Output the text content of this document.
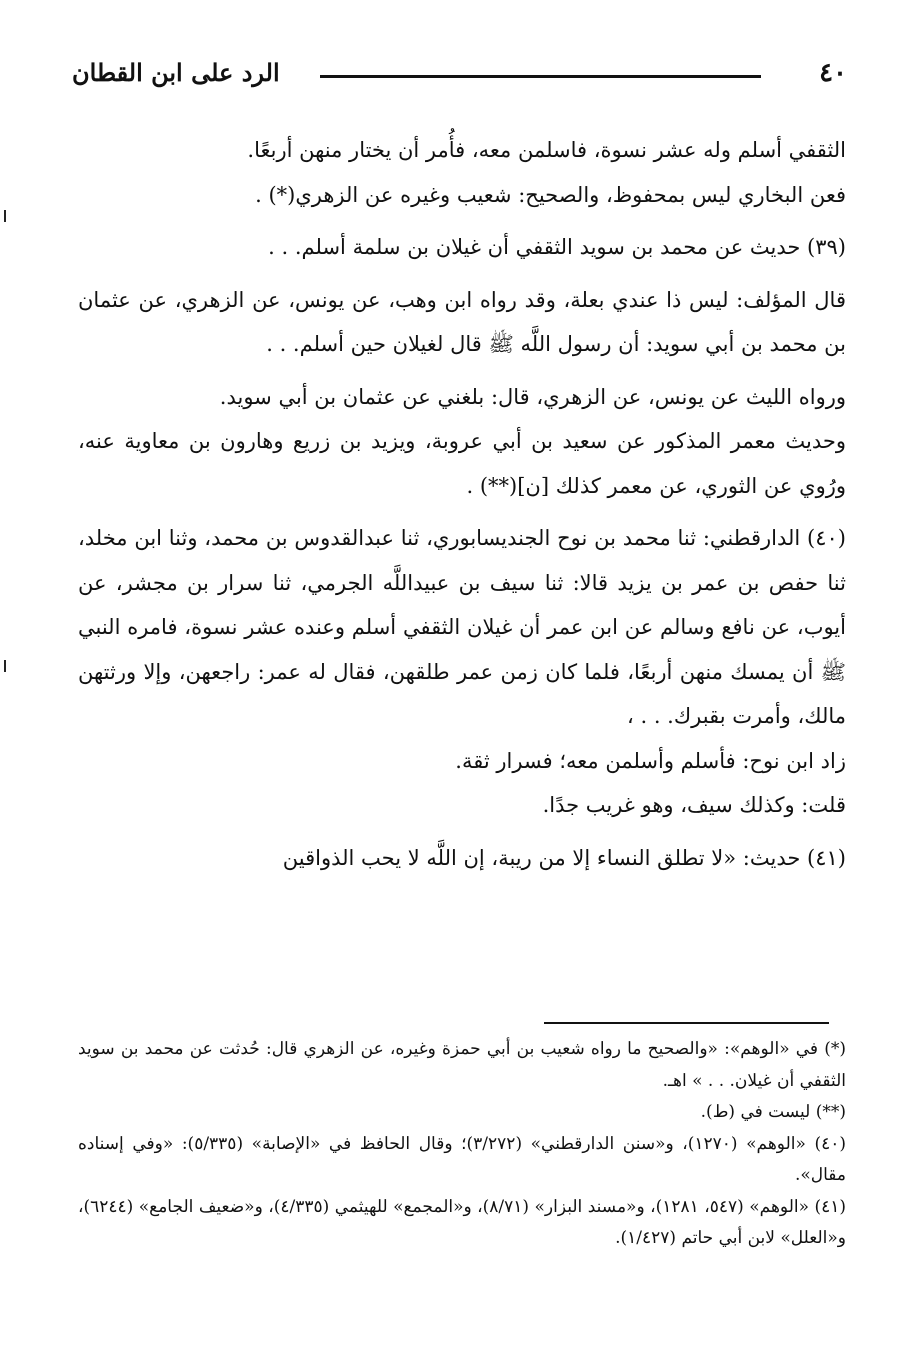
٤٠
الرد على ابن القطان

الثقفي أسلم وله عشر نسوة، فاسلمن معه، فأُمر أن يختار منهن أربعًا.

فعن البخاري ليس بمحفوظ، والصحيح: شعيب وغيره عن الزهري(*) .

(٣٩) حديث عن محمد بن سويد الثقفي أن غيلان بن سلمة أسلم. . .

قال المؤلف: ليس ذا عندي بعلة، وقد رواه ابن وهب، عن يونس، عن الزهري، عن عثمان بن محمد بن أبي سويد: أن رسول اللَّه ﷺ قال لغيلان حين أسلم. . .

ورواه الليث عن يونس، عن الزهري، قال: بلغني عن عثمان بن أبي سويد.

وحديث معمر المذكور عن سعيد بن أبي عروبة، ويزيد بن زريع وهارون بن معاوية عنه، ورُوي عن الثوري، عن معمر كذلك [ن](**) .

(٤٠) الدارقطني: ثنا محمد بن نوح الجنديسابوري، ثنا عبدالقدوس بن محمد، وثنا ابن مخلد، ثنا حفص بن عمر بن يزيد قالا: ثنا سيف بن عبيداللَّه الجرمي، ثنا سرار بن مجشر، عن أيوب، عن نافع وسالم عن ابن عمر أن غيلان الثقفي أسلم وعنده عشر نسوة، فامره النبي ﷺ أن يمسك منهن أربعًا، فلما كان زمن عمر طلقهن، فقال له عمر: راجعهن، وإلا ورثتهن مالك، وأمرت بقبرك. . . ،

زاد ابن نوح: فأسلم وأسلمن معه؛ فسرار ثقة.

قلت: وكذلك سيف، وهو غريب جدًا.

(٤١) حديث: «لا تطلق النساء إلا من ريبة، إن اللَّه لا يحب الذواقين

(*) في «الوهم»: «والصحيح ما رواه شعيب بن أبي حمزة وغيره، عن الزهري قال: حُدثت عن محمد بن سويد الثقفي أن غيلان. . . » اهـ.

(**) ليست في (ط).

(٤٠) «الوهم» (١٢٧٠)، و«سنن الدارقطني» (٣/٢٧٢)؛ وقال الحافظ في «الإصابة» (٥/٣٣٥): «وفي إسناده مقال».

(٤١) «الوهم» (٥٤٧، ١٢٨١)، و«مسند البزار» (٨/٧١)، و«المجمع» للهيثمي (٤/٣٣٥)، و«ضعيف الجامع» (٦٢٤٤)، و«العلل» لابن أبي حاتم (١/٤٢٧).
